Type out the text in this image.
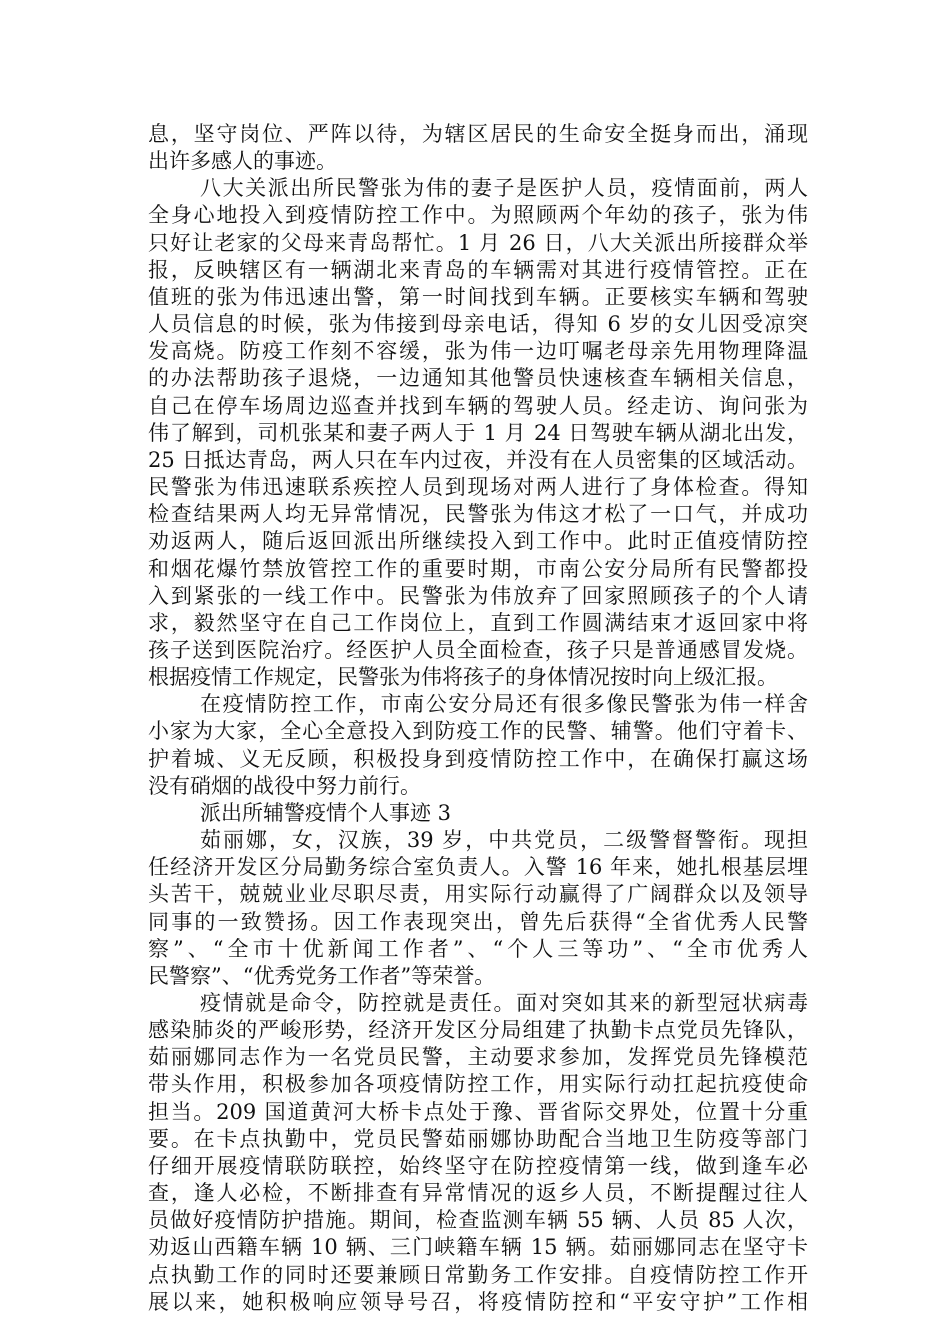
息，坚守岗位、严阵以待，为辖区居民的生命安全挺身而出，涌现
出许多感人的事迹。
八大关派出所民警张为伟的妻子是医护人员，疫情面前，两人
全身心地投入到疫情防控工作中。为照顾两个年幼的孩子，张为伟
只好让老家的父母来青岛帮忙。1 月 26 日，八大关派出所接群众举
报，反映辖区有一辆湖北来青岛的车辆需对其进行疫情管控。正在
值班的张为伟迅速出警，第一时间找到车辆。正要核实车辆和驾驶
人员信息的时候，张为伟接到母亲电话，得知 6 岁的女儿因受凉突
发高烧。防疫工作刻不容缓，张为伟一边叮嘱老母亲先用物理降温
的办法帮助孩子退烧，一边通知其他警员快速核查车辆相关信息，
自己在停车场周边巡查并找到车辆的驾驶人员。经走访、询问张为
伟了解到，司机张某和妻子两人于 1 月 24 日驾驶车辆从湖北出发，
25 日抵达青岛，两人只在车内过夜，并没有在人员密集的区域活动。
民警张为伟迅速联系疾控人员到现场对两人进行了身体检查。得知
检查结果两人均无异常情况，民警张为伟这才松了一口气，并成功
劝返两人，随后返回派出所继续投入到工作中。此时正值疫情防控
和烟花爆竹禁放管控工作的重要时期，市南公安分局所有民警都投
入到紧张的一线工作中。民警张为伟放弃了回家照顾孩子的个人请
求，毅然坚守在自己工作岗位上，直到工作圆满结束才返回家中将
孩子送到医院治疗。经医护人员全面检查，孩子只是普通感冒发烧。
根据疫情工作规定，民警张为伟将孩子的身体情况按时向上级汇报。
在疫情防控工作，市南公安分局还有很多像民警张为伟一样舍
小家为大家，全心全意投入到防疫工作的民警、辅警。他们守着卡、
护着城、义无反顾，积极投身到疫情防控工作中，在确保打赢这场
没有硝烟的战役中努力前行。
派出所辅警疫情个人事迹 3
茹丽娜，女，汉族，39 岁，中共党员，二级警督警衔。现担
任经济开发区分局勤务综合室负责人。入警 16 年来，她扎根基层埋
头苦干，兢兢业业尽职尽责，用实际行动赢得了广阔群众以及领导
同事的一致赞扬。因工作表现突出，曾先后获得“全省优秀人民警
察”、“全市十优新闻工作者”、“个人三等功”、“全市优秀人
民警察”、“优秀党务工作者”等荣誉。
疫情就是命令，防控就是责任。面对突如其来的新型冠状病毒
感染肺炎的严峻形势，经济开发区分局组建了执勤卡点党员先锋队，
茹丽娜同志作为一名党员民警，主动要求参加，发挥党员先锋模范
带头作用，积极参加各项疫情防控工作，用实际行动扛起抗疫使命
担当。209 国道黄河大桥卡点处于豫、晋省际交界处，位置十分重
要。在卡点执勤中，党员民警茹丽娜协助配合当地卫生防疫等部门
仔细开展疫情联防联控，始终坚守在防控疫情第一线，做到逢车必
查，逢人必检，不断排查有异常情况的返乡人员，不断提醒过往人
员做好疫情防护措施。期间，检查监测车辆 55 辆、人员 85 人次，
劝返山西籍车辆 10 辆、三门峡籍车辆 15 辆。茹丽娜同志在坚守卡
点执勤工作的同时还要兼顾日常勤务工作安排。自疫情防控工作开
展以来，她积极响应领导号召，将疫情防控和“平安守护”工作相
